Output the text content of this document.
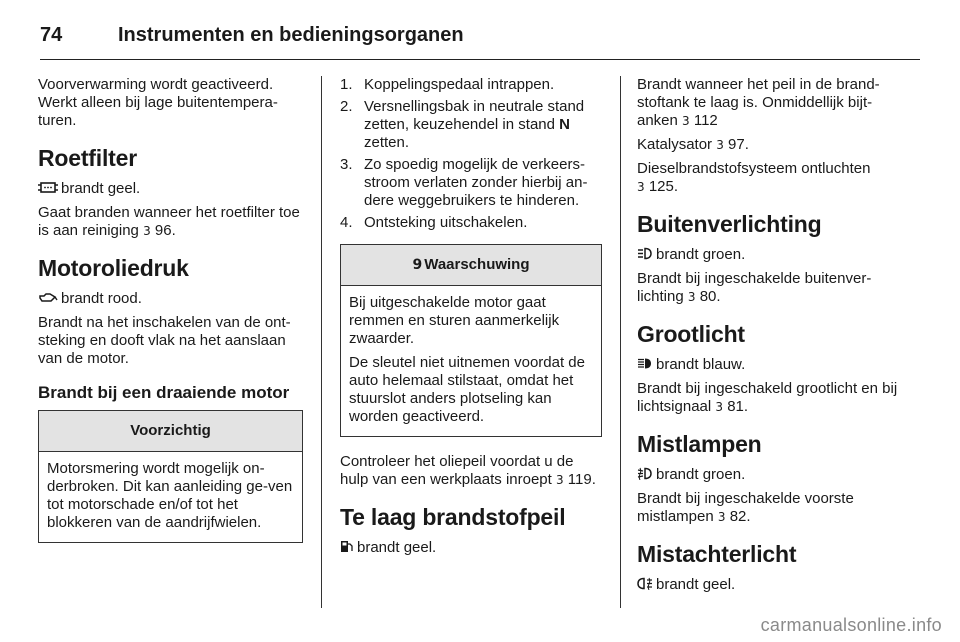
74	Instrumenten en bedieningsorganen

Voorverwarming wordt geactiveerd. Werkt alleen bij lage buitentempera-turen.

Roetfilter

brandt geel.

Gaat branden wanneer het roetfilter toe is aan reiniging 3 96.

Motoroliedruk

brandt rood.

Brandt na het inschakelen van de ont-steking en dooft vlak na het aanslaan van de motor.

Brandt bij een draaiende motor
Voorzichtig

Motorsmering wordt mogelijk on-derbroken. Dit kan aanleiding ge-ven tot motorschade en/of tot het blokkeren van de aandrijfwielen.

1. Koppelingspedaal intrappen.
2. Versnellingsbak in neutrale stand zetten, keuzehendel in stand N zetten.
3. Zo spoedig mogelijk de verkeers-stroom verlaten zonder hierbij an-dere weggebruikers te hinderen.
4. Ontsteking uitschakelen.
9 Waarschuwing

Bij uitgeschakelde motor gaat remmen en sturen aanmerkelijk zwaarder.

De sleutel niet uitnemen voordat de auto helemaal stilstaat, omdat het stuurslot anders plotseling kan worden geactiveerd.

Controleer het oliepeil voordat u de hulp van een werkplaats inroept 3 119.

Te laag brandstofpeil

brandt geel.

Brandt wanneer het peil in de brand-stoftank te laag is. Onmiddellijk bijt-anken 3 112

Katalysator 3 97.

Dieselbrandstofsysteem ontluchten
3 125.

Buitenverlichting

brandt groen.

Brandt bij ingeschakelde buitenver-lichting 3 80.

Grootlicht

brandt blauw.

Brandt bij ingeschakeld grootlicht en bij lichtsignaal 3 81.

Mistlampen

brandt groen.

Brandt bij ingeschakelde voorste mistlampen 3 82.

Mistachterlicht

brandt geel.

carmanualsonline.info
